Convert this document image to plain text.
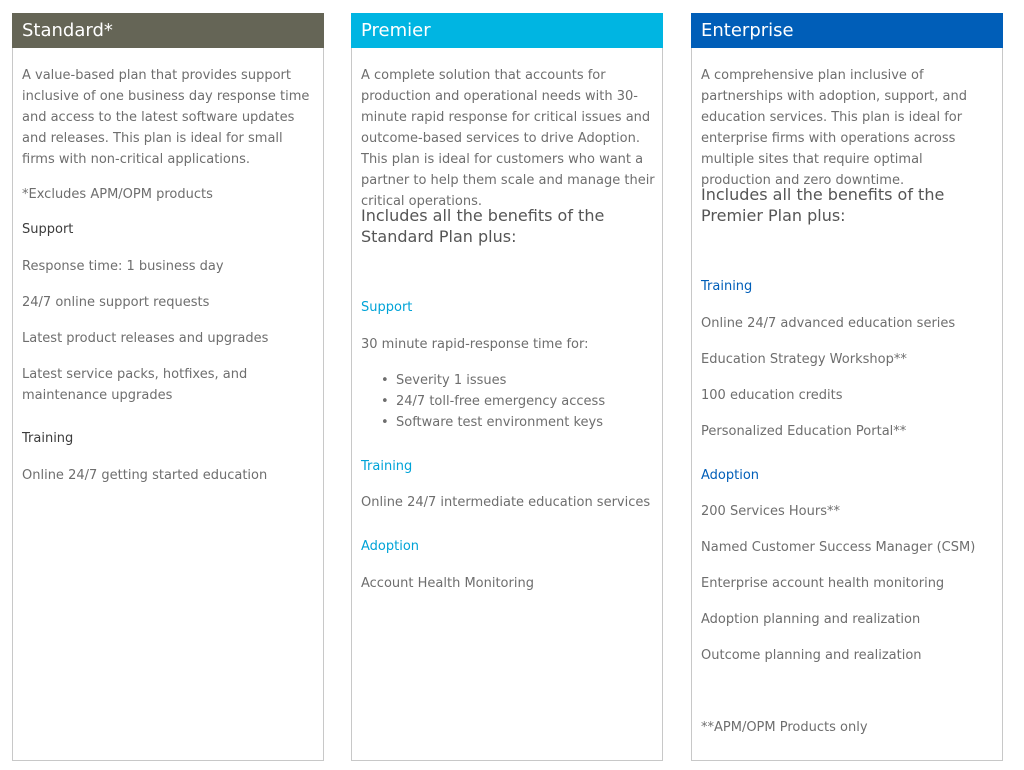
Standard*

A value-based plan that provides support inclusive of one business day response time and access to the latest software updates and releases. This plan is ideal for small firms with non-critical applications.

*Excludes APM/OPM products

Support

Response time: 1 business day

24/7 online support requests

Latest product releases and upgrades

Latest service packs, hotfixes, and maintenance upgrades

Training

Online 24/7 getting started education

Premier

A complete solution that accounts for production and operational needs with 30-minute rapid response for critical issues and outcome-based services to drive Adoption. This plan is ideal for customers who want a partner to help them scale and manage their critical operations.

Includes all the benefits of the Standard Plan plus:

Support

30 minute rapid-response time for:

• Severity 1 issues
• 24/7 toll-free emergency access
• Software test environment keys

Training

Online 24/7 intermediate education services

Adoption

Account Health Monitoring

Enterprise

A comprehensive plan inclusive of partnerships with adoption, support, and education services. This plan is ideal for enterprise firms with operations across multiple sites that require optimal production and zero downtime.

Includes all the benefits of the Premier Plan plus:

Training

Online 24/7 advanced education series

Education Strategy Workshop**

100 education credits

Personalized Education Portal**

Adoption

200 Services Hours**

Named Customer Success Manager (CSM)

Enterprise account health monitoring

Adoption planning and realization

Outcome planning and realization

**APM/OPM Products only
